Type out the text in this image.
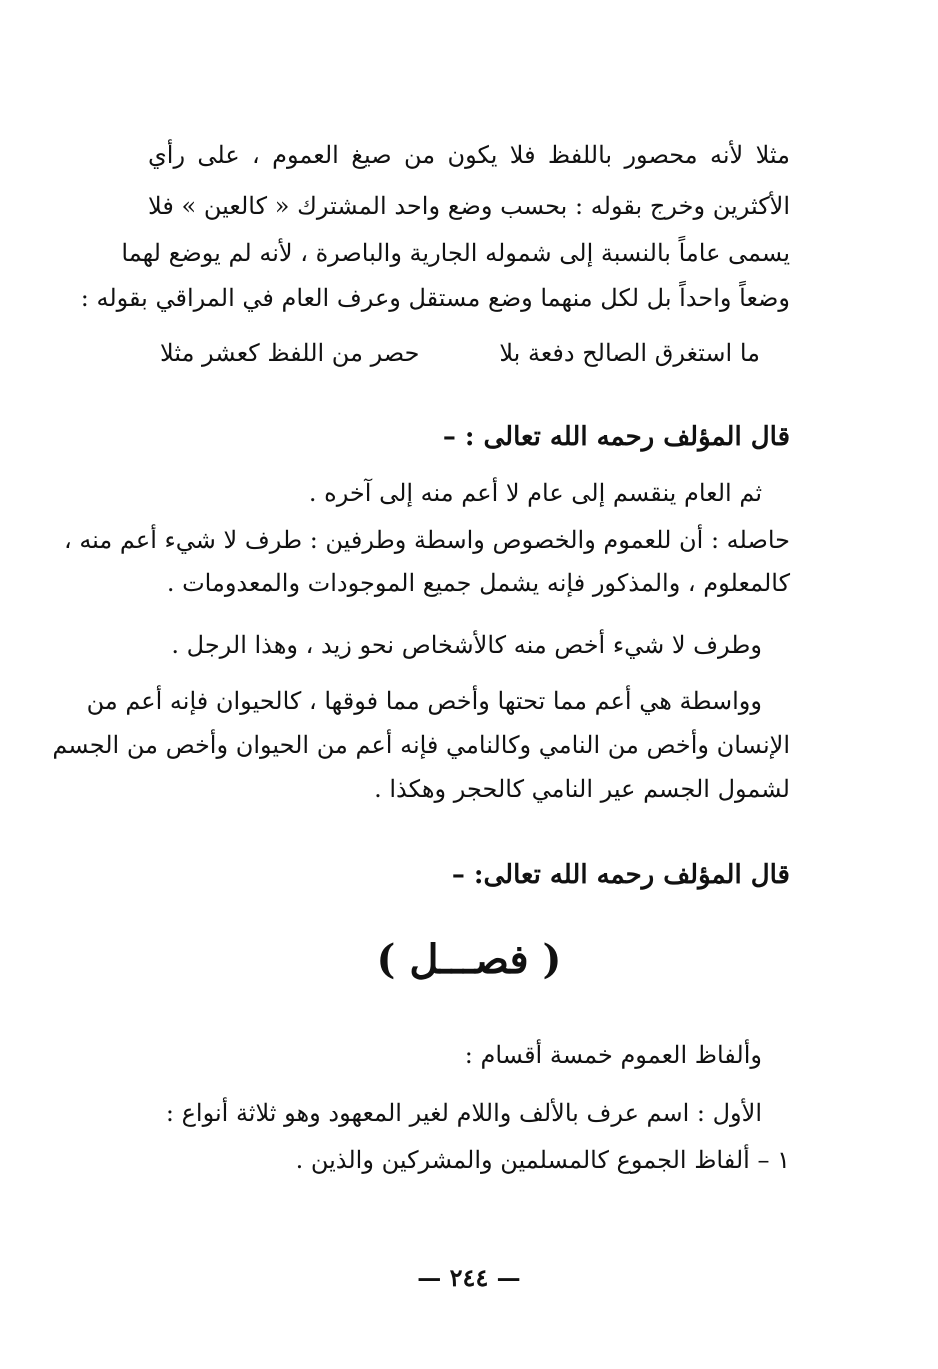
مثلا لأنه محصور باللفظ فلا يكون من صيغ العموم ، على رأي
الأكثرين وخرج بقوله : بحسب وضع واحد المشترك « كالعين » فلا
يسمى عاماً بالنسبة إلى شموله الجارية والباصرة ، لأنه لم يوضع لهما
وضعاً واحداً بل لكل منهما وضع مستقل وعرف العام في المراقي بقوله :
ما استغرق الصالح دفعة بلا
حصر من اللفظ كعشر مثلا
قال المؤلف رحمه الله تعالى : –
ثم العام ينقسم إلى عام لا أعم منه إلى آخره .
حاصله : أن للعموم والخصوص واسطة وطرفين : طرف لا شيء أعم منه ،
كالمعلوم ، والمذكور فإنه يشمل جميع الموجودات والمعدومات .
وطرف لا شيء أخص منه كالأشخاص نحو زيد ، وهذا الرجل .
وواسطة هي أعم مما تحتها وأخص مما فوقها ، كالحيوان فإنه أعم من
الإنسان وأخص من النامي وكالنامي فإنه أعم من الحيوان وأخص من الجسم
لشمول الجسم عير النامي كالحجر وهكذا .
قال المؤلف رحمه الله تعالى: –
( فصـــل )
وألفاظ العموم خمسة أقسام :
الأول : اسم عرف بالألف واللام لغير المعهود وهو ثلاثة أنواع :
١ – ألفاظ الجموع كالمسلمين والمشركين والذين .
— ٢٤٤ —
